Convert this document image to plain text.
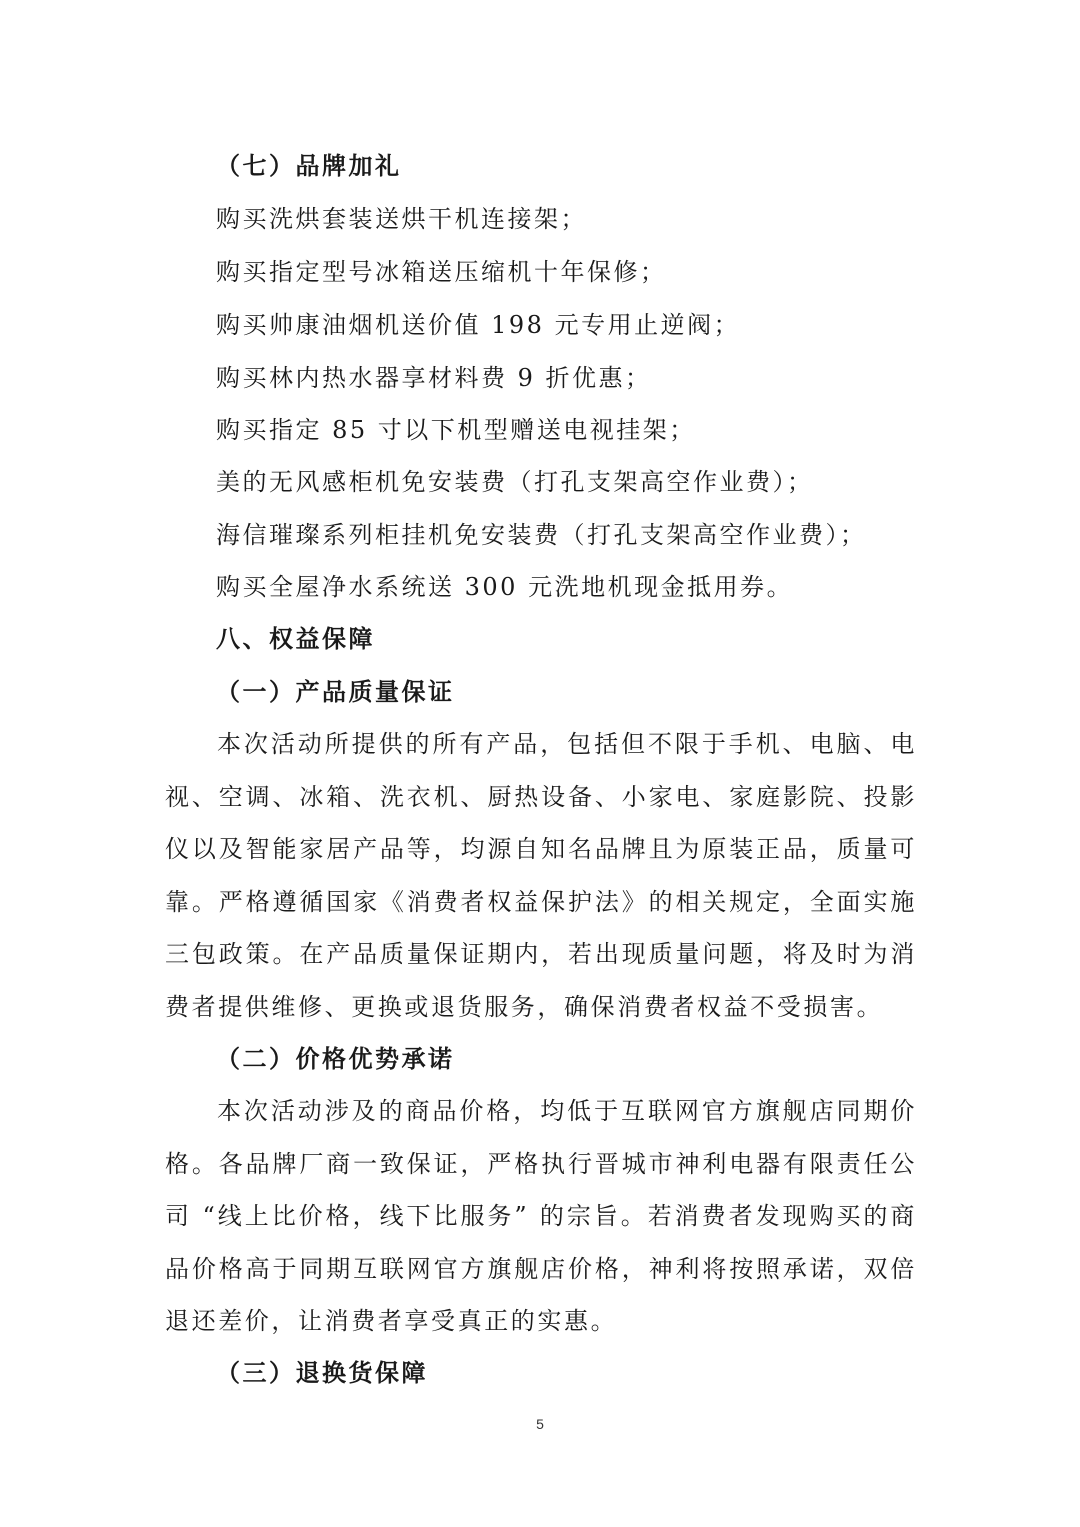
（七）品牌加礼
购买洗烘套装送烘干机连接架；
购买指定型号冰箱送压缩机十年保修；
购买帅康油烟机送价值 198 元专用止逆阀；
购买林内热水器享材料费 9 折优惠；
购买指定 85 寸以下机型赠送电视挂架；
美的无风感柜机免安装费（打孔支架高空作业费）；
海信璀璨系列柜挂机免安装费（打孔支架高空作业费）；
购买全屋净水系统送 300 元洗地机现金抵用券。
八、权益保障
（一）产品质量保证

本次活动所提供的所有产品，包括但不限于手机、电脑、电视、空调、冰箱、洗衣机、厨热设备、小家电、家庭影院、投影仪以及智能家居产品等，均源自知名品牌且为原装正品，质量可靠。严格遵循国家《消费者权益保护法》的相关规定，全面实施三包政策。在产品质量保证期内，若出现质量问题，将及时为消费者提供维修、更换或退货服务，确保消费者权益不受损害。

（二）价格优势承诺

本次活动涉及的商品价格，均低于互联网官方旗舰店同期价格。各品牌厂商一致保证，严格执行晋城市神利电器有限责任公司 “线上比价格，线下比服务” 的宗旨。若消费者发现购买的商品价格高于同期互联网官方旗舰店价格，神利将按照承诺，双倍退还差价，让消费者享受真正的实惠。

（三）退换货保障
5
